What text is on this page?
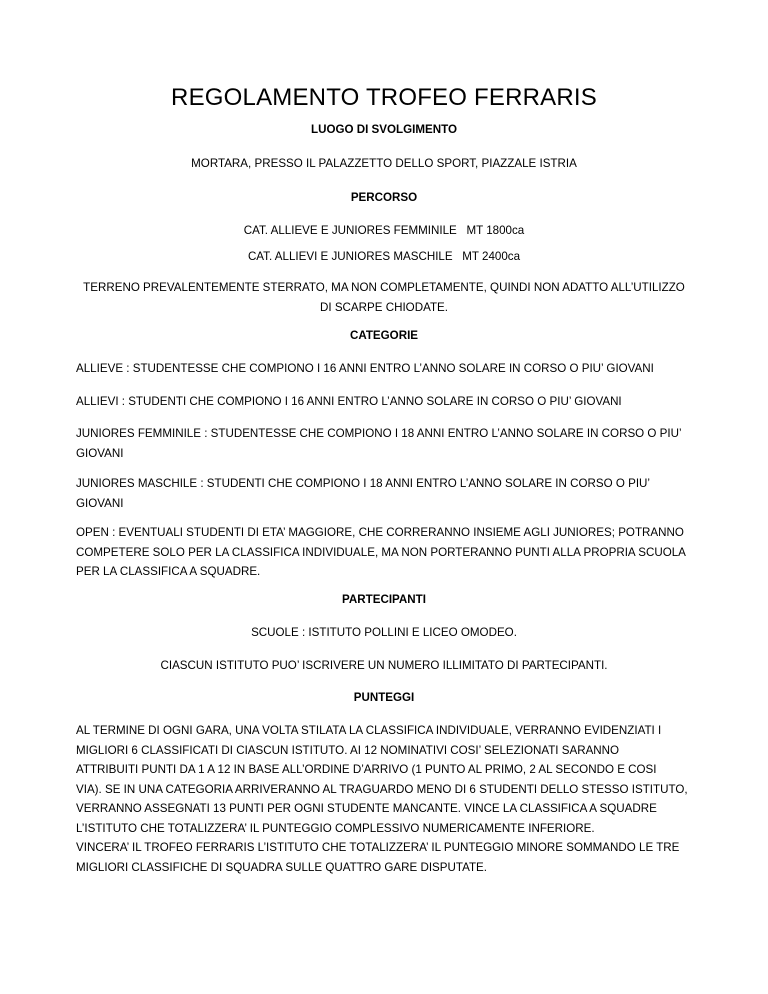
REGOLAMENTO TROFEO FERRARIS
LUOGO DI SVOLGIMENTO
MORTARA, PRESSO IL PALAZZETTO DELLO SPORT, PIAZZALE ISTRIA
PERCORSO
CAT. ALLIEVE E JUNIORES FEMMINILE   MT 1800ca
CAT. ALLIEVI E JUNIORES MASCHILE   MT 2400ca
TERRENO PREVALENTEMENTE STERRATO, MA NON COMPLETAMENTE, QUINDI NON ADATTO ALL’UTILIZZO
DI SCARPE CHIODATE.
CATEGORIE
ALLIEVE : STUDENTESSE CHE COMPIONO I 16 ANNI ENTRO L’ANNO SOLARE IN CORSO O PIU’ GIOVANI
ALLIEVI : STUDENTI CHE COMPIONO I 16 ANNI ENTRO L’ANNO SOLARE IN CORSO O PIU’ GIOVANI
JUNIORES FEMMINILE : STUDENTESSE CHE COMPIONO I 18 ANNI ENTRO L’ANNO SOLARE IN CORSO O PIU’
GIOVANI
JUNIORES MASCHILE : STUDENTI CHE COMPIONO I 18 ANNI ENTRO L’ANNO SOLARE IN CORSO O PIU’
GIOVANI
OPEN : EVENTUALI STUDENTI DI ETA’ MAGGIORE, CHE CORRERANNO INSIEME AGLI JUNIORES; POTRANNO
COMPETERE SOLO PER LA CLASSIFICA INDIVIDUALE, MA NON PORTERANNO PUNTI ALLA PROPRIA SCUOLA
PER LA CLASSIFICA A SQUADRE.
PARTECIPANTI
SCUOLE : ISTITUTO POLLINI E LICEO OMODEO.
CIASCUN ISTITUTO PUO’ ISCRIVERE UN NUMERO ILLIMITATO DI PARTECIPANTI.
PUNTEGGI
AL TERMINE DI OGNI GARA, UNA VOLTA STILATA LA CLASSIFICA INDIVIDUALE, VERRANNO EVIDENZIATI I
MIGLIORI 6 CLASSIFICATI DI CIASCUN ISTITUTO. AI 12 NOMINATIVI COSI’ SELEZIONATI SARANNO
ATTRIBUITI PUNTI DA 1 A 12 IN BASE ALL’ORDINE D’ARRIVO (1 PUNTO AL PRIMO, 2 AL SECONDO E COSI
VIA). SE IN UNA CATEGORIA ARRIVERANNO AL TRAGUARDO MENO DI 6 STUDENTI DELLO STESSO ISTITUTO,
VERRANNO ASSEGNATI 13 PUNTI PER OGNI STUDENTE MANCANTE. VINCE LA CLASSIFICA A SQUADRE
L’ISTITUTO CHE TOTALIZZERA’ IL PUNTEGGIO COMPLESSIVO NUMERICAMENTE INFERIORE.
VINCERA’ IL TROFEO FERRARIS L’ISTITUTO CHE TOTALIZZERA’ IL PUNTEGGIO MINORE SOMMANDO LE TRE
MIGLIORI CLASSIFICHE DI SQUADRA SULLE QUATTRO GARE DISPUTATE.
